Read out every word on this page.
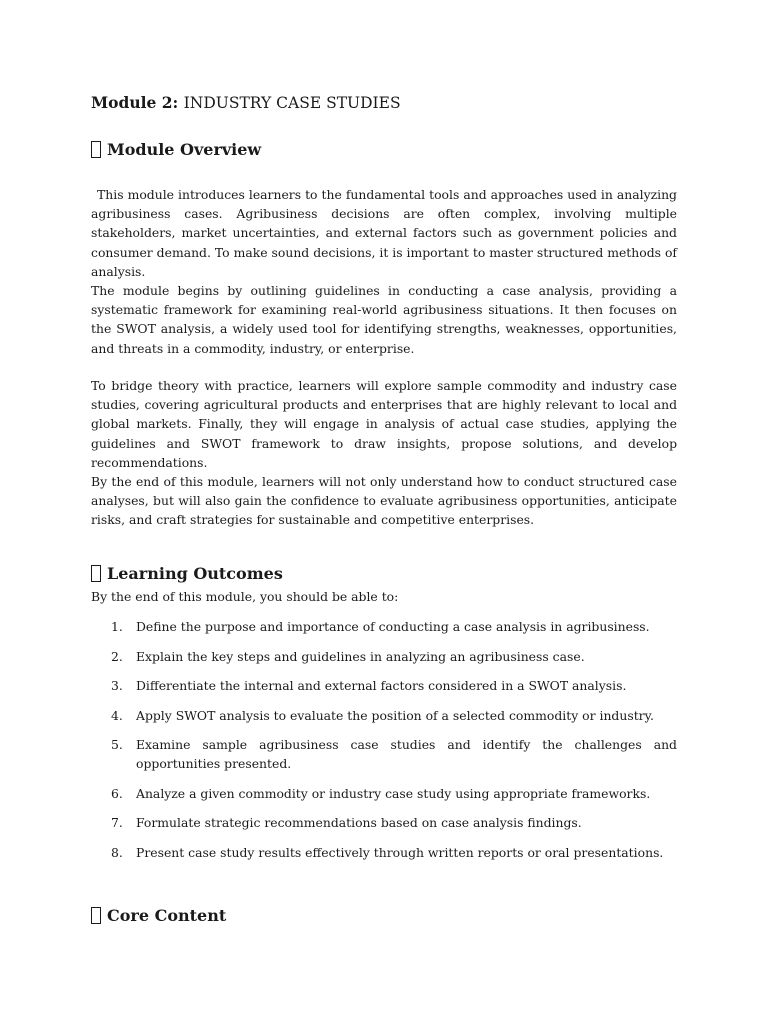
Module 2: INDUSTRY CASE STUDIES
Module Overview

This module introduces learners to the fundamental tools and approaches used in analyzing agribusiness cases. Agribusiness decisions are often complex, involving multiple stakeholders, market uncertainties, and external factors such as government policies and consumer demand. To make sound decisions, it is important to master structured methods of analysis.

The module begins by outlining guidelines in conducting a case analysis, providing a systematic framework for examining real-world agribusiness situations. It then focuses on the SWOT analysis, a widely used tool for identifying strengths, weaknesses, opportunities, and threats in a commodity, industry, or enterprise.

To bridge theory with practice, learners will explore sample commodity and industry case studies, covering agricultural products and enterprises that are highly relevant to local and global markets. Finally, they will engage in analysis of actual case studies, applying the guidelines and SWOT framework to draw insights, propose solutions, and develop recommendations.

By the end of this module, learners will not only understand how to conduct structured case analyses, but will also gain the confidence to evaluate agribusiness opportunities, anticipate risks, and craft strategies for sustainable and competitive enterprises.

Learning Outcomes

By the end of this module, you should be able to:

1. Define the purpose and importance of conducting a case analysis in agribusiness.
2. Explain the key steps and guidelines in analyzing an agribusiness case.
3. Differentiate the internal and external factors considered in a SWOT analysis.
4. Apply SWOT analysis to evaluate the position of a selected commodity or industry.
5. Examine sample agribusiness case studies and identify the challenges and opportunities presented.
6. Analyze a given commodity or industry case study using appropriate frameworks.
7. Formulate strategic recommendations based on case analysis findings.
8. Present case study results effectively through written reports or oral presentations.
Core Content
